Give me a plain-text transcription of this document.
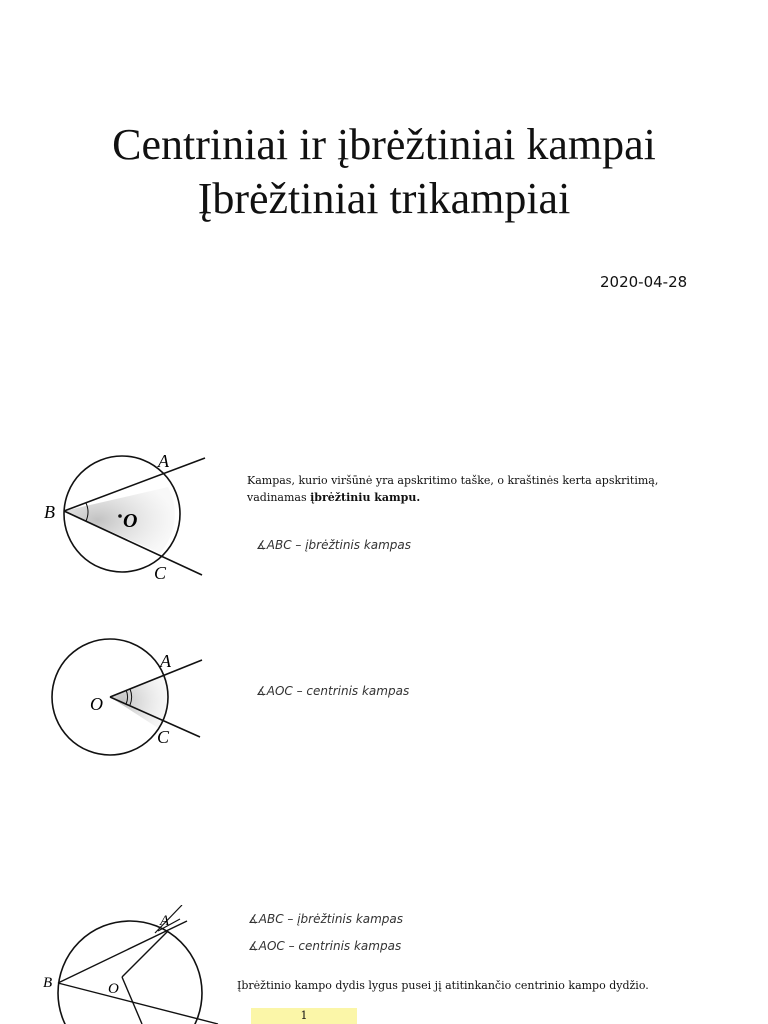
Centriniai ir įbrėžtiniai kampai
Įbrėžtiniai trikampiai
2020-04-28
A
B
C
O
Kampas, kurio viršūnė yra apskritimo taške, o kraštinės kerta apskritimą, vadinamas įbrėžtiniu kampu.
∡ABC – įbrėžtinis kampas
A
O
C
∡AOC – centrinis kampas
A
B	O
∡ABC – įbrėžtinis kampas
∡AOC – centrinis kampas
Įbrėžtinio kampo dydis lygus pusei jį atitinkančio centrinio kampo dydžio.
1
